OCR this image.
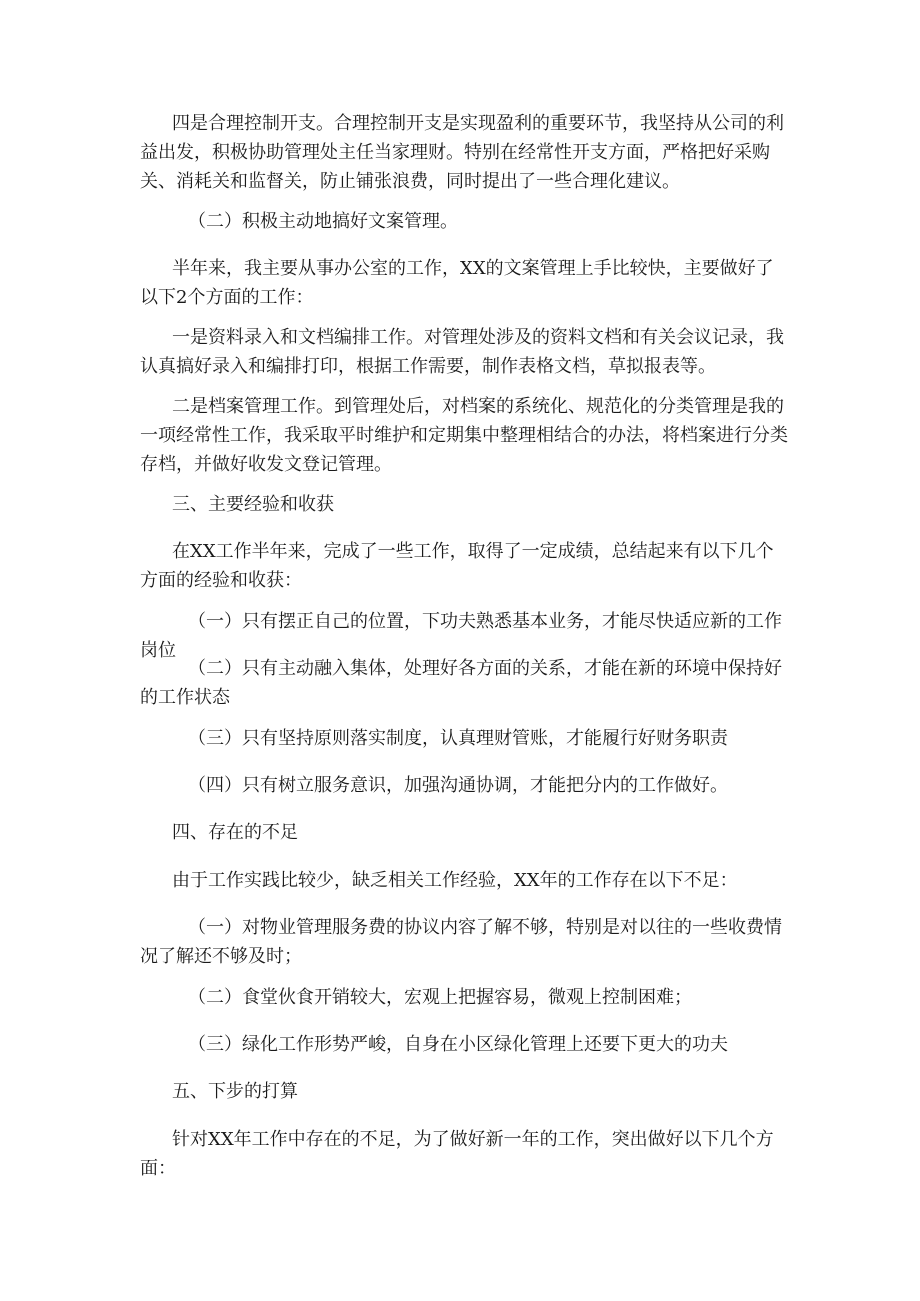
四是合理控制开支。合理控制开支是实现盈利的重要环节，我坚持从公司的利益出发，积极协助管理处主任当家理财。特别在经常性开支方面，严格把好采购关、消耗关和监督关，防止铺张浪费，同时提出了一些合理化建议。

（二）积极主动地搞好文案管理。

半年来，我主要从事办公室的工作，XX的文案管理上手比较快，主要做好了以下2个方面的工作：

一是资料录入和文档编排工作。对管理处涉及的资料文档和有关会议记录，我认真搞好录入和编排打印，根据工作需要，制作表格文档，草拟报表等。

二是档案管理工作。到管理处后，对档案的系统化、规范化的分类管理是我的一项经常性工作，我采取平时维护和定期集中整理相结合的办法，将档案进行分类存档，并做好收发文登记管理。

三、主要经验和收获

在XX工作半年来，完成了一些工作，取得了一定成绩，总结起来有以下几个方面的经验和收获：

（一）只有摆正自己的位置，下功夫熟悉基本业务，才能尽快适应新的工作岗位

（二）只有主动融入集体，处理好各方面的关系，才能在新的环境中保持好的工作状态

（三）只有坚持原则落实制度，认真理财管账，才能履行好财务职责

（四）只有树立服务意识，加强沟通协调，才能把分内的工作做好。

四、存在的不足

由于工作实践比较少，缺乏相关工作经验，XX年的工作存在以下不足：

（一）对物业管理服务费的协议内容了解不够，特别是对以往的一些收费情况了解还不够及时；

（二）食堂伙食开销较大，宏观上把握容易，微观上控制困难；

（三）绿化工作形势严峻，自身在小区绿化管理上还要下更大的功夫

五、下步的打算

针对XX年工作中存在的不足，为了做好新一年的工作，突出做好以下几个方面：
